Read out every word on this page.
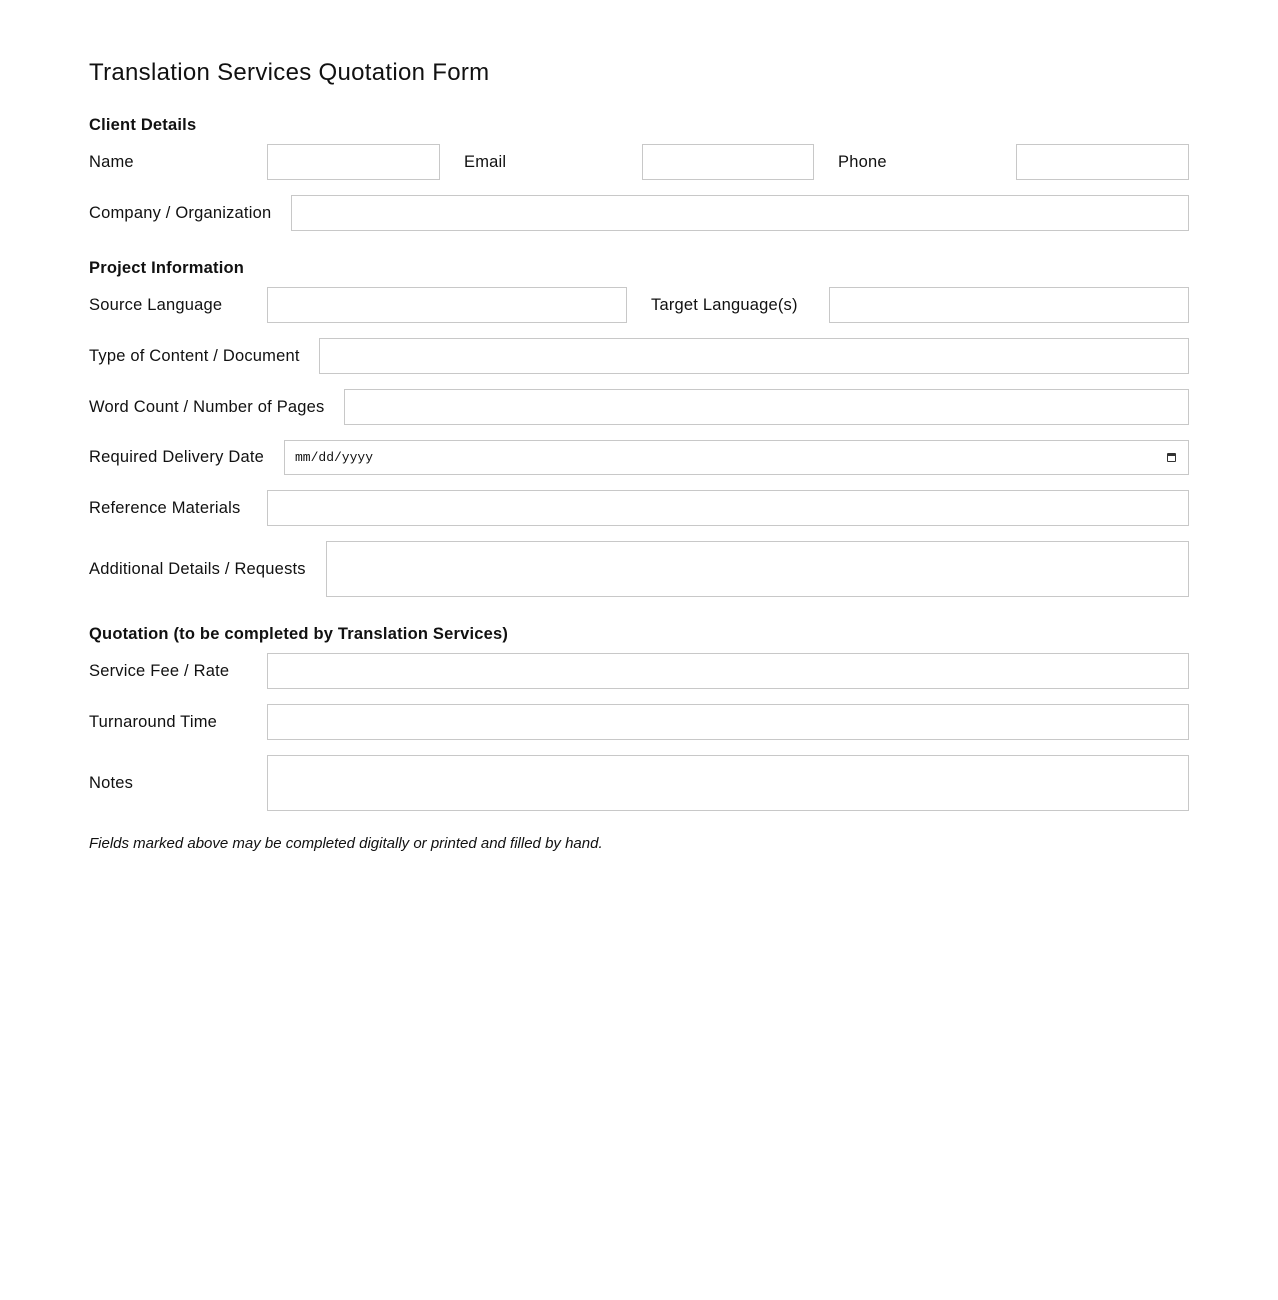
Translation Services Quotation Form
Client Details
Name	Email	Phone
Company / Organization
Project Information
Source Language	Target Language(s)
Type of Content / Document
Word Count / Number of Pages
Required Delivery Date	mm/dd/yyyy
Reference Materials
Additional Details / Requests
Quotation (to be completed by Translation Services)
Service Fee / Rate
Turnaround Time
Notes
Fields marked above may be completed digitally or printed and filled by hand.
